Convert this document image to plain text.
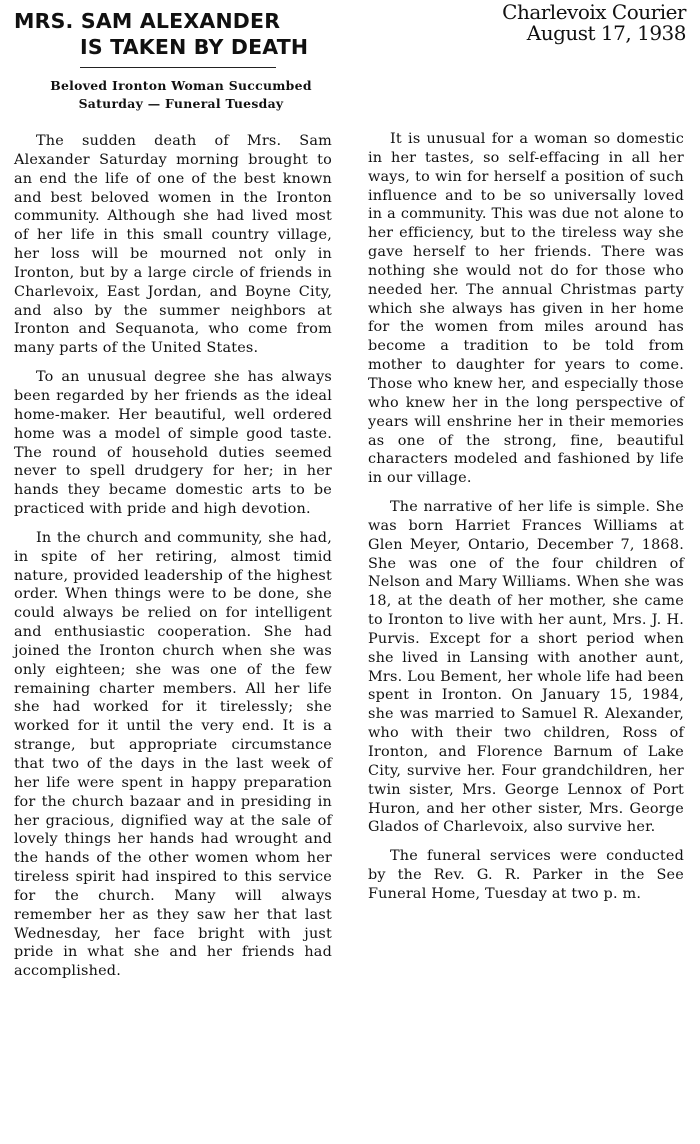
MRS. SAM ALEXANDER
IS TAKEN BY DEATH
Charlevoix Courier
August 17, 1938
Beloved Ironton Woman Succumbed
Saturday — Funeral Tuesday

The sudden death of Mrs. Sam Alexander Saturday morning brought to an end the life of one of the best known and best beloved women in the Ironton community. Although she had lived most of her life in this small country village, her loss will be mourned not only in Ironton, but by a large circle of friends in Charlevoix, East Jordan, and Boyne City, and also by the summer neighbors at Ironton and Sequanota, who come from many parts of the United States.

To an unusual degree she has always been regarded by her friends as the ideal home-maker. Her beautiful, well ordered home was a model of simple good taste. The round of household duties seemed never to spell drudgery for her; in her hands they became domestic arts to be practiced with pride and high devotion.

In the church and community, she had, in spite of her retiring, almost timid nature, provided leadership of the highest order. When things were to be done, she could always be relied on for intelligent and enthusiastic cooperation. She had joined the Ironton church when she was only eighteen; she was one of the few remaining charter members. All her life she had worked for it tirelessly; she worked for it until the very end. It is a strange, but appropriate circumstance that two of the days in the last week of her life were spent in happy preparation for the church bazaar and in presiding in her gracious, dignified way at the sale of lovely things her hands had wrought and the hands of the other women whom her tireless spirit had inspired to this service for the church. Many will always remember her as they saw her that last Wednesday, her face bright with just pride in what she and her friends had accomplished.

It is unusual for a woman so domestic in her tastes, so self-effacing in all her ways, to win for herself a position of such influence and to be so universally loved in a community. This was due not alone to her efficiency, but to the tireless way she gave herself to her friends. There was nothing she would not do for those who needed her. The annual Christmas party which she always has given in her home for the women from miles around has become a tradition to be told from mother to daughter for years to come. Those who knew her, and especially those who knew her in the long perspective of years will enshrine her in their memories as one of the strong, fine, beautiful characters modeled and fashioned by life in our village.

The narrative of her life is simple. She was born Harriet Frances Williams at Glen Meyer, Ontario, December 7, 1868. She was one of the four children of Nelson and Mary Williams. When she was 18, at the death of her mother, she came to Ironton to live with her aunt, Mrs. J. H. Purvis. Except for a short period when she lived in Lansing with another aunt, Mrs. Lou Bement, her whole life had been spent in Ironton. On January 15, 1984, she was married to Samuel R. Alexander, who with their two children, Ross of Ironton, and Florence Barnum of Lake City, survive her. Four grandchildren, her twin sister, Mrs. George Lennox of Port Huron, and her other sister, Mrs. George Glados of Charlevoix, also survive her.

The funeral services were conducted by the Rev. G. R. Parker in the See Funeral Home, Tuesday at two p. m.
